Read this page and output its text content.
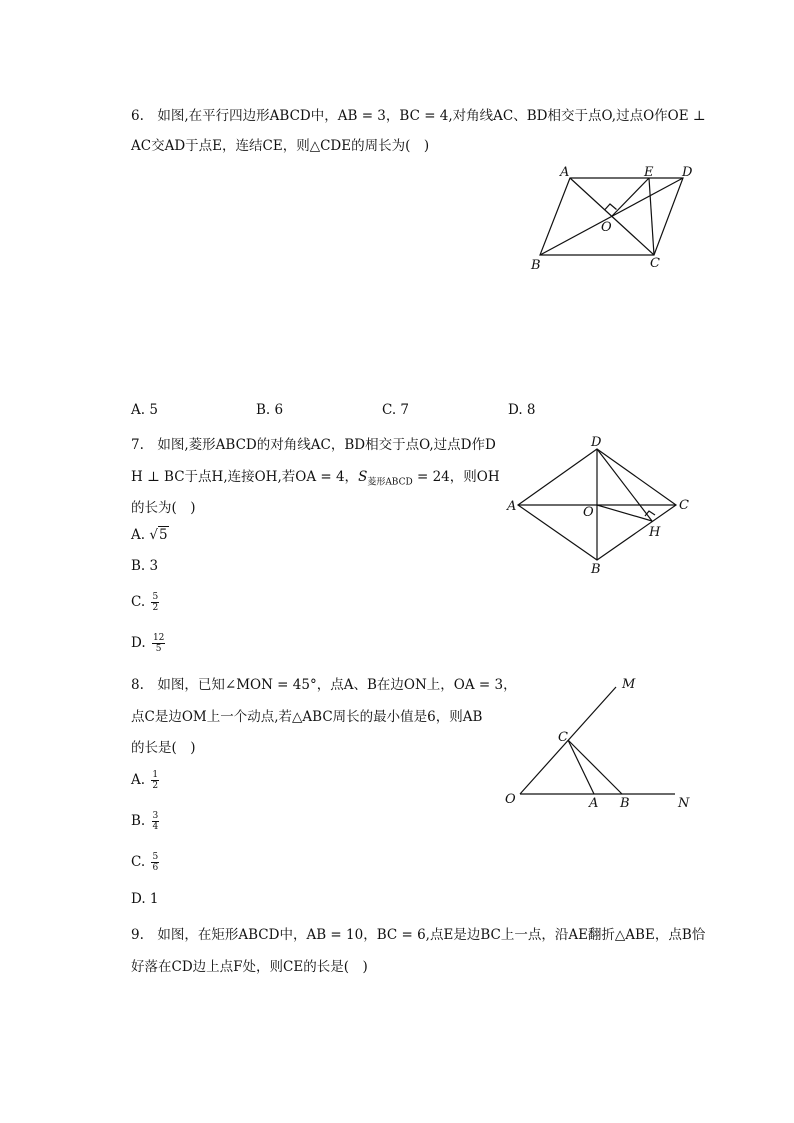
6.　如图,在平行四边形ABCD中，AB = 3，BC = 4,对角线AC、BD相交于点O,过点O作OE ⊥
AC交AD于点E，连结CE，则△CDE的周长为(　)
A	E D
O
B	C
A. 5	B. 6	C. 7	D. 8
7.　如图,菱形ABCD的对角线AC，BD相交于点O,过点D作D
H ⊥ BC于点H,连接OH,若OA = 4，$S_{菱形ABCD} = 24$，则OH
的长为(　)
A. √5
B. 3
C. $\frac{5}{2}$
D. $\frac{12}{5}$
D
A	O	C
H
B
8.　如图，已知∠MON = 45°，点A、B在边ON上，OA = 3，
点C是边OM上一个动点,若△ABC周长的最小值是6，则AB
的长是(　)
A. $\frac{1}{2}$
B. $\frac{3}{4}$
C. $\frac{5}{6}$
D. 1
M
C
O	A B	N
9.　如图，在矩形ABCD中，AB = 10，BC = 6,点E是边BC上一点，沿AE翻折△ABE，点B恰
好落在CD边上点F处，则CE的长是(　)
